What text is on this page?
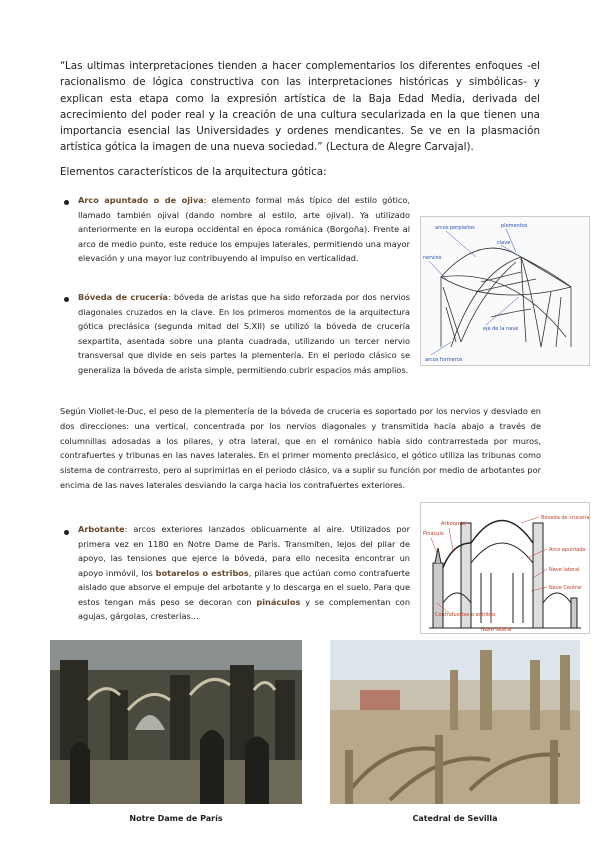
“Las ultimas interpretaciones tienden a hacer complementarios los diferentes enfoques -el racionalismo de lógica constructiva con las interpretaciones históricas y simbólicas- y explican esta etapa como la expresión artística de la Baja Edad Media, derivada del acrecimiento del poder real y la creación de una cultura secularizada en la que tienen una importancia esencial las Universidades y ordenes mendicantes. Se ve en la plasmación artística gótica la imagen de una nueva sociedad.” (Lectura de Alegre Carvajal).
Elementos característicos de la arquitectura gótica:
Arco apuntado o de ojiva: elemento formal más típico del estilo gótico, llamado también ojival (dando nombre al estilo, arte ojival). Ya utilizado anteriormente en la europa occidental en época románica (Borgoña). Frente al arco de medio punto, este reduce los empujes laterales, permitiendo una mayor elevación y una mayor luz contribuyendo al impulso en verticalidad.
Bóveda de crucería: bóveda de aristas que ha sido reforzada por dos nervios diagonales cruzados en la clave. En los primeros momentos de la arquitectura gótica preclásica (segunda mitad del S.XII) se utilizó la bóveda de crucería sexpartita, asentada sobre una planta cuadrada, utilizando un tercer nervio transversal que divide en seis partes la plementería. En el periodo clásico se generaliza la bóveda de arista simple, permitiendo cubrir espacios más amplios.
arcos perpiaños	plementos
clave
nervios
eje de la nave
arcos formeros
Según Viollet-le-Duc, el peso de la plementería de la bóveda de cruceria es soportado por los nervios y desviado en dos direcciones: una vertical, concentrada por los nervios diagonales y transmitida hacia abajo a través de columnillas adosadas a los pilares, y otra lateral, que en el románico había sido contrarrestada por muros, contrafuertes y tribunas en las naves laterales. En el primer momento preclásico, el gótico utiliza las tribunas como sistema de contrarresto, pero al suprimirlas en el periodo clásico, va a suplir su función por medio de arbotantes por encima de las naves laterales desviando la carga hacia los contrafuertes exteriores.
Arbotante: arcos exteriores lanzados oblicuamente al aire. Utilizados por primera vez en 1180 en Notre Dame de París. Transmiten, lejos del pilar de apoyo, las tensiones que ejerce la bóveda, para ello necesita encontrar un apoyo inmóvil, los botarelos o estribos, pilares que actúan como contrafuerte aislado que absorve el empuje del arbotante y lo descarga en el suelo. Para que estos tengan más peso se decoran con pináculos y se complementan con agujas, gárgolas, cresterías...
Arbotante
Pináculo
Bóveda de crucería
Arco apuntado
Nave lateral
Nave Central
Contrafuertes o estribos
Nave lateral
Notre Dame de París	Catedral de Sevilla
